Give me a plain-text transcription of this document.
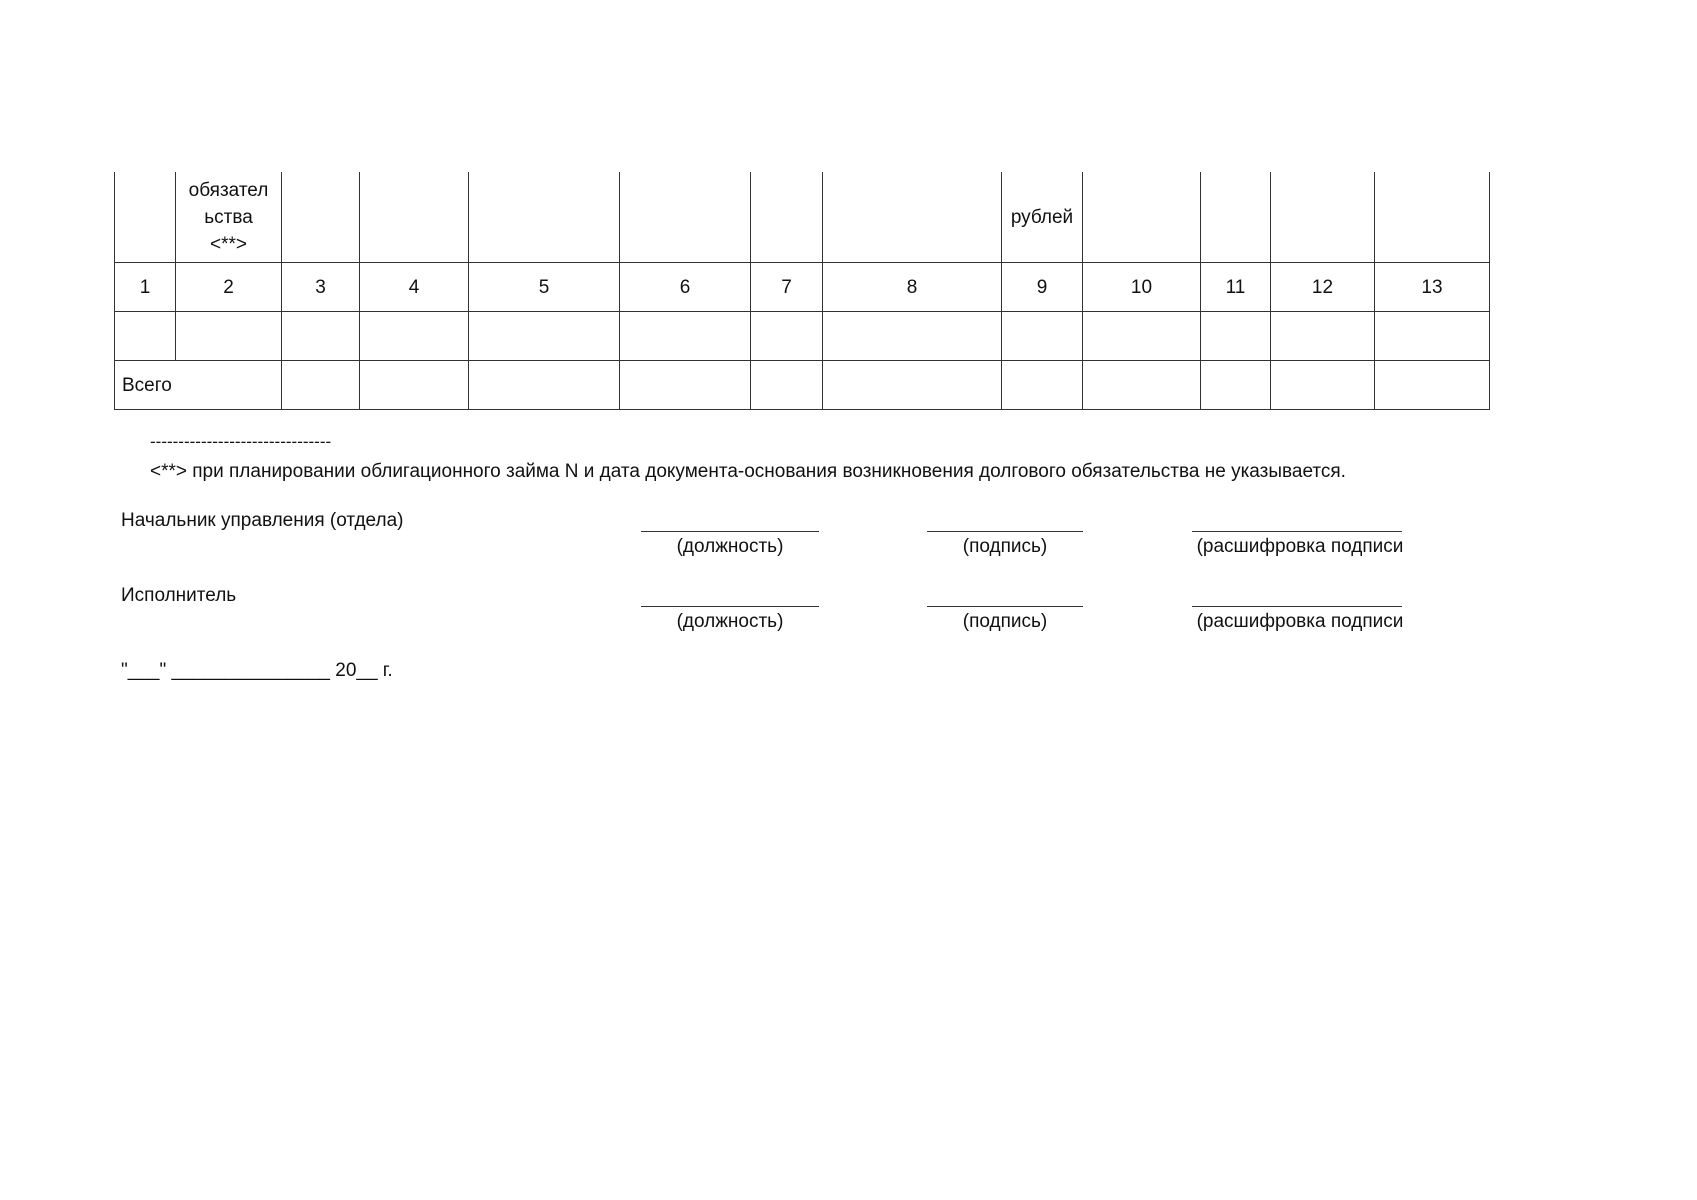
	обязател
ьства
<**>							рублей				

1	2	3	4	5	6	7	8	9	10	11	12	13

Всего												
--------------------------------
<**> при планировании облигационного займа N и дата документа-основания возникновения долгового обязательства не указывается.
Начальник управления (отдела)
(должность)	(подпись)	(расшифровка подписи
Исполнитель
(должность)	(подпись)	(расшифровка подписи
"___" _______________ 20__ г.
